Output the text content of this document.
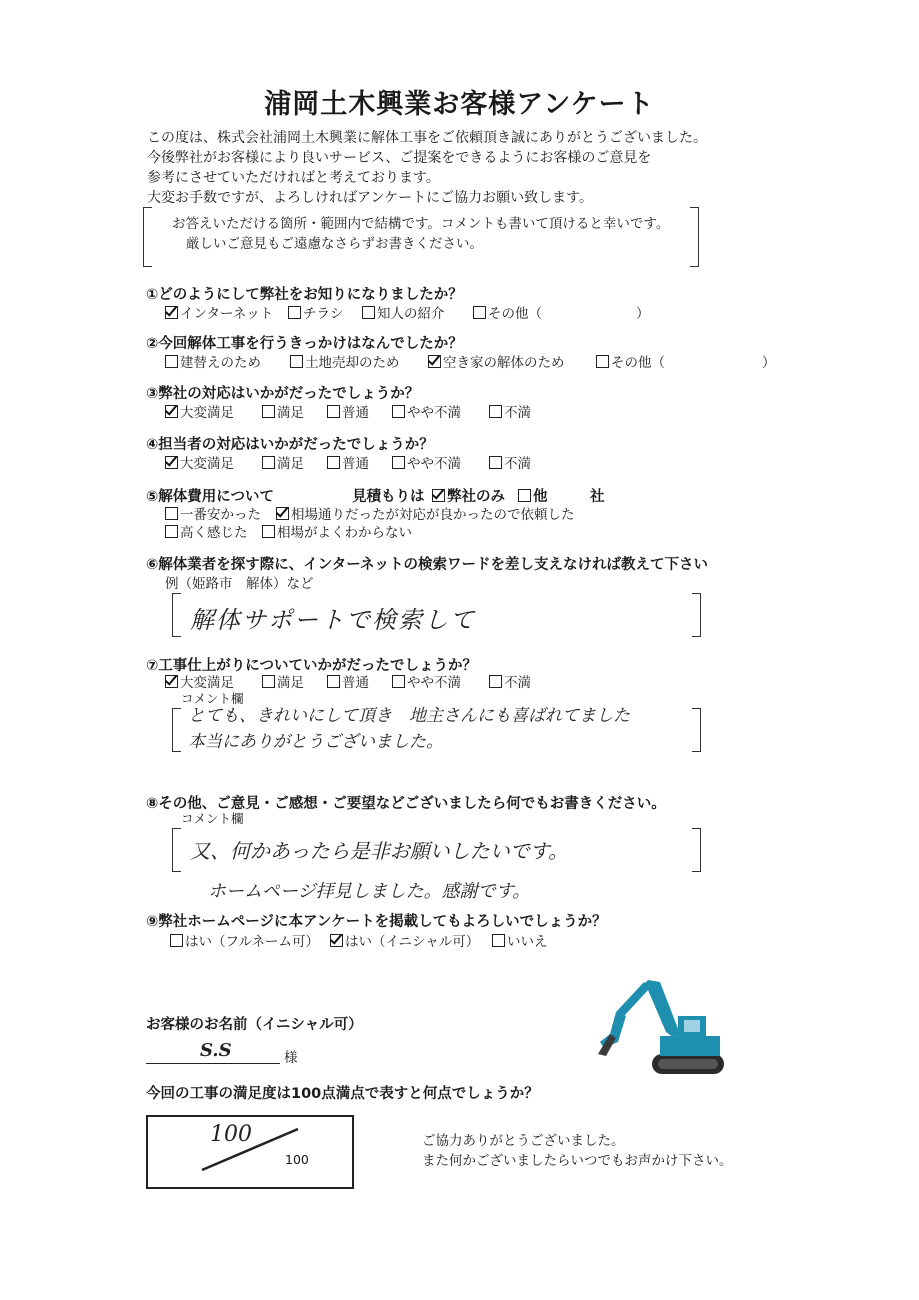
浦岡土木興業お客様アンケート
この度は、株式会社浦岡土木興業に解体工事をご依頼頂き誠にありがとうございました。
今後弊社がお客様により良いサービス、ご提案をできるようにお客様のご意見を
参考にさせていただければと考えております。
大変お手数ですが、よろしければアンケートにご協力お願い致します。
お答えいただける箇所・範囲内で結構です。コメントも書いて頂けると幸いです。
厳しいご意見もご遠慮なさらずお書きください。
①どのようにして弊社をお知りになりましたか？
インターネット	チラシ	知人の紹介	その他（	）
②今回解体工事を行うきっかけはなんでしたか？
建替えのため	土地売却のため	空き家の解体のため	その他（	）
③弊社の対応はいかがだったでしょうか？
大変満足	満足	普通	やや不満	不満
④担当者の対応はいかがだったでしょうか？
大変満足	満足	普通	やや不満	不満
⑤解体費用について	見積もりは	弊社のみ	他	社
一番安かった	相場通りだったが対応が良かったので依頼した
高く感じた	相場がよくわからない
⑥解体業者を探す際に、インターネットの検索ワードを差し支えなければ教えて下さい
例（姫路市　解体）など
解体サポートで検索して
⑦工事仕上がりについていかがだったでしょうか？
大変満足	満足	普通	やや不満	不満
コメント欄
とても、きれいにして頂き　地主さんにも喜ばれてました
本当にありがとうございました。
⑧その他、ご意見・ご感想・ご要望などございましたら何でもお書きください。
コメント欄
又、何かあったら是非お願いしたいです。
ホームページ拝見しました。感謝です。
⑨弊社ホームページに本アンケートを掲載してもよろしいでしょうか？
はい（フルネーム可）	はい（イニシャル可）	いいえ
お客様のお名前（イニシャル可）
S.S	様
今回の工事の満足度は100点満点で表すと何点でしょうか？
100
100
ご協力ありがとうございました。
また何かございましたらいつでもお声かけ下さい。
